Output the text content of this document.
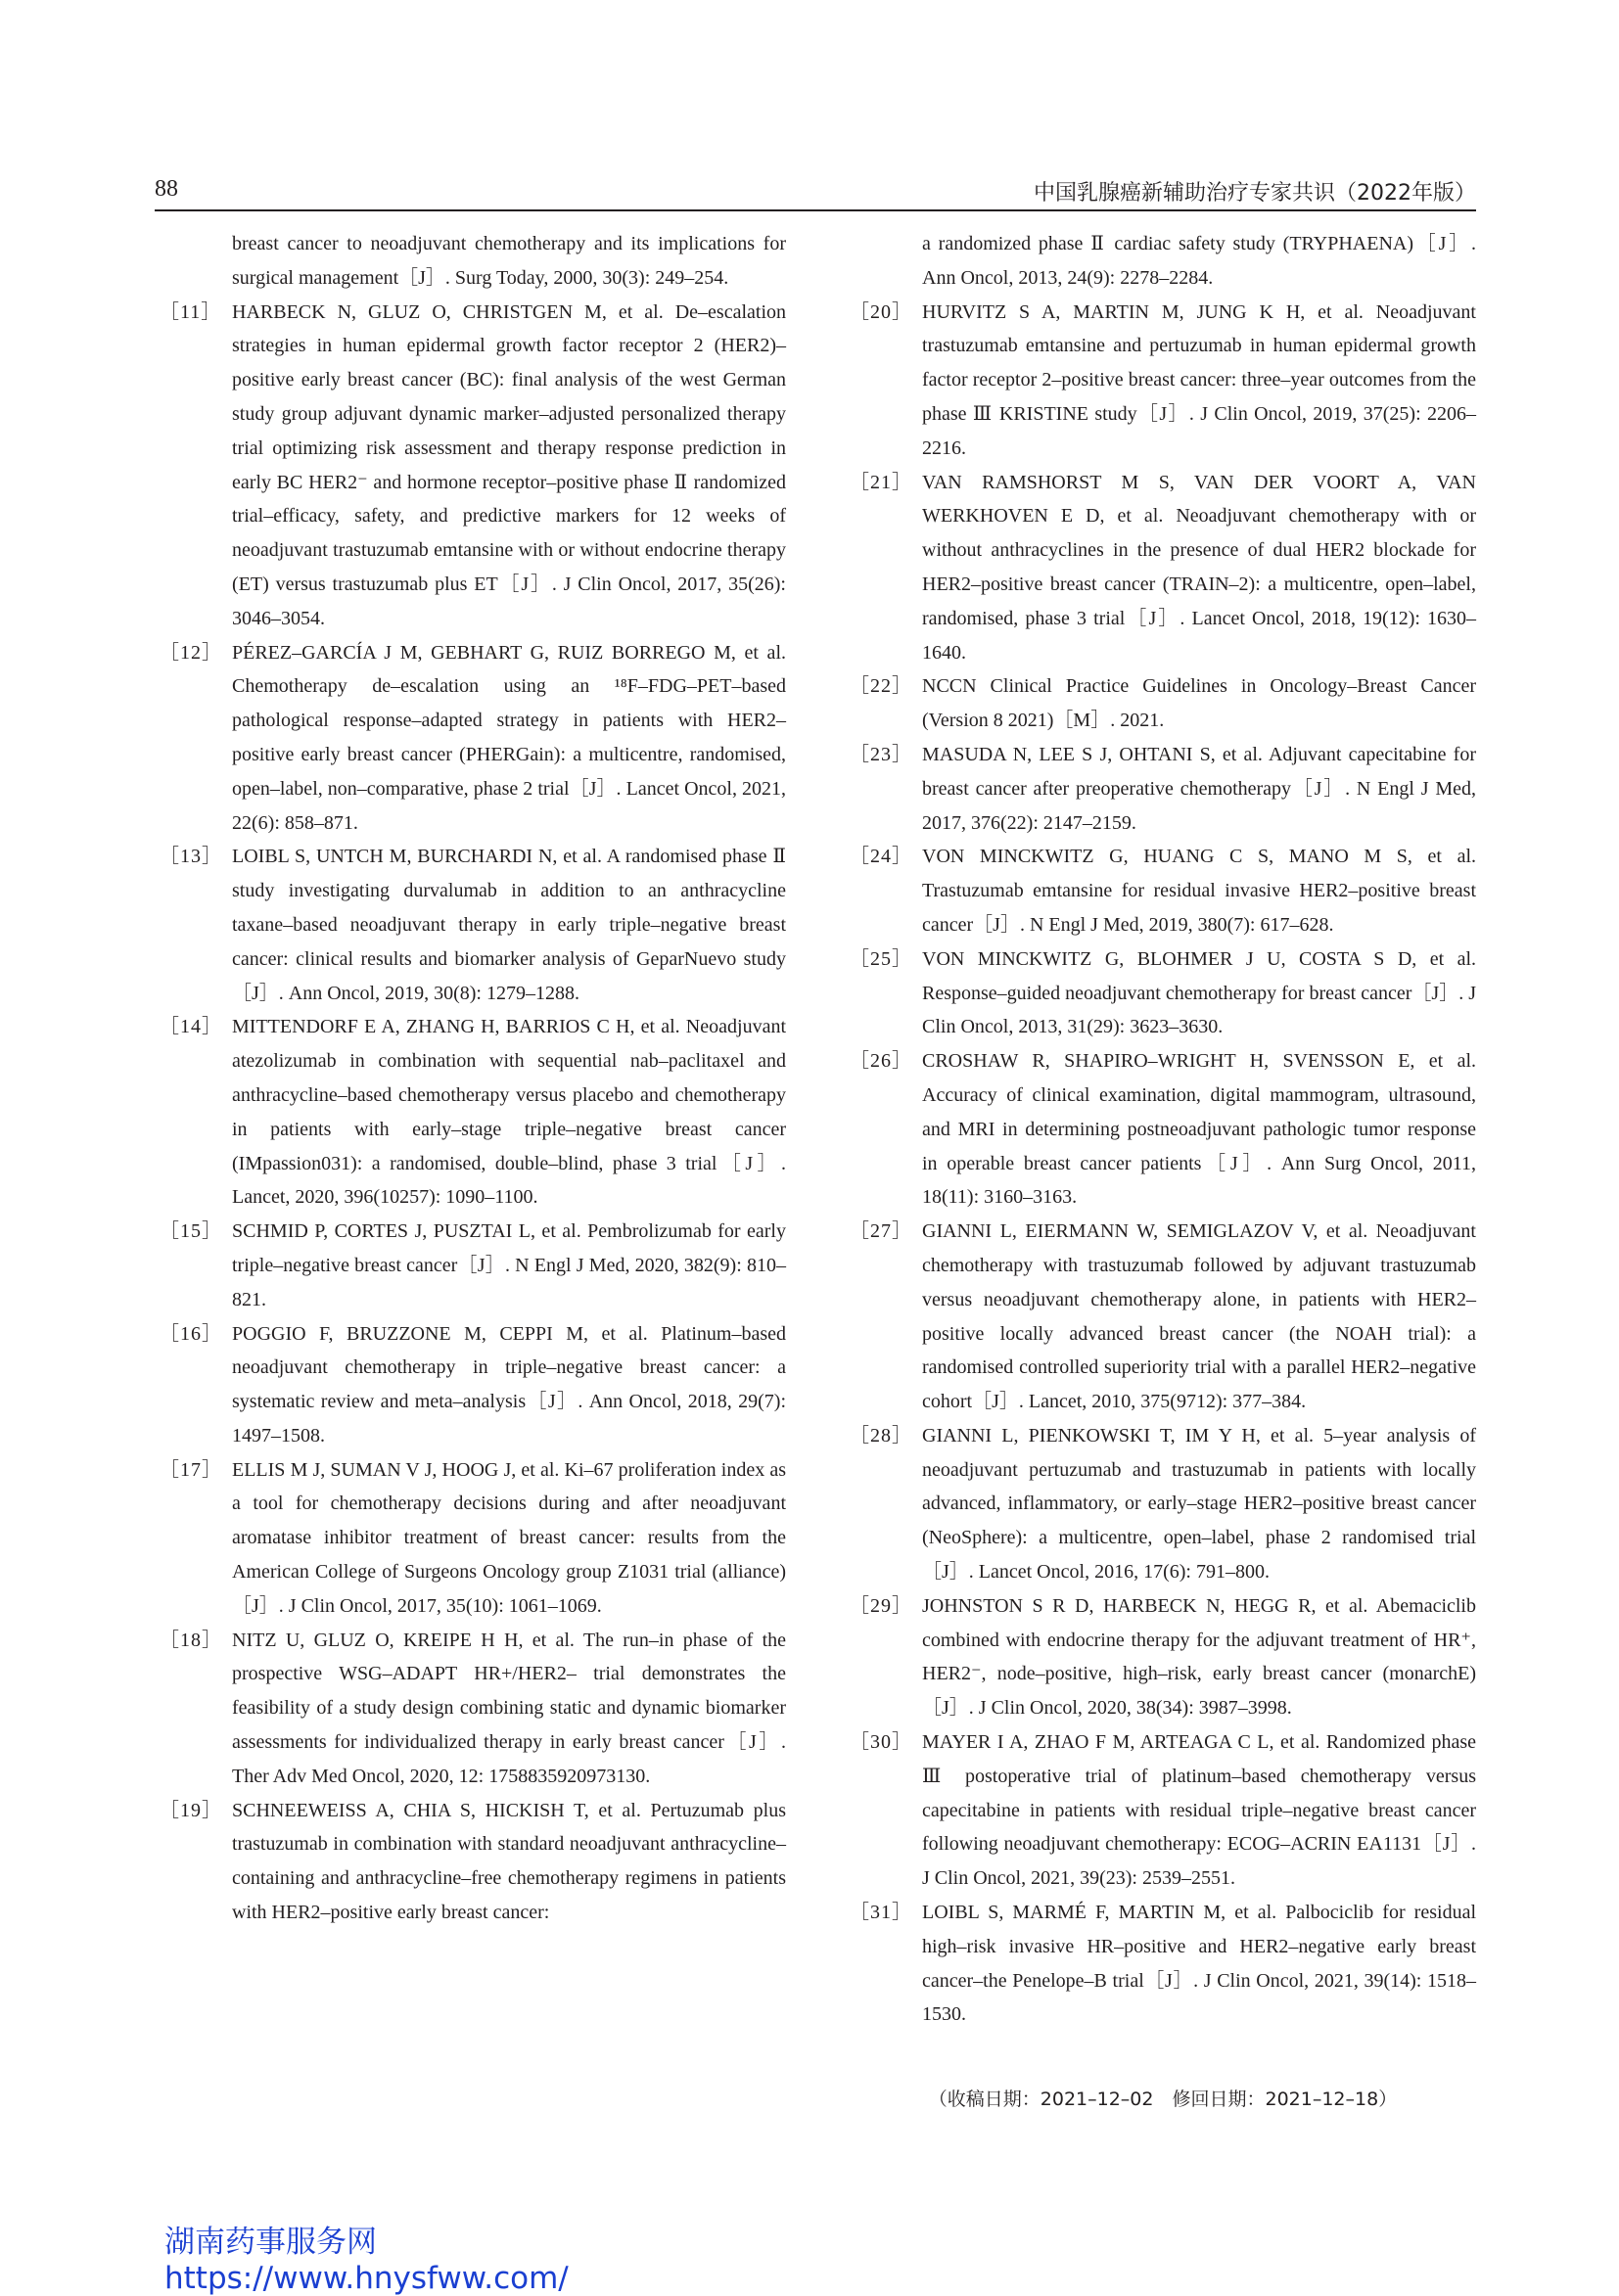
88	中国乳腺癌新辅助治疗专家共识（2022年版）

breast cancer to neoadjuvant chemotherapy and its implications for surgical management［J］. Surg Today, 2000, 30(3): 249–254.

［11］ HARBECK N, GLUZ O, CHRISTGEN M, et al. De–escalation strategies in human epidermal growth factor receptor 2 (HER2)–positive early breast cancer (BC): final analysis of the west German study group adjuvant dynamic marker–adjusted personalized therapy trial optimizing risk assessment and therapy response prediction in early BC HER2⁻ and hormone receptor–positive phase Ⅱ randomized trial–efficacy, safety, and predictive markers for 12 weeks of neoadjuvant trastuzumab emtansine with or without endocrine therapy (ET) versus trastuzumab plus ET［J］. J Clin Oncol, 2017, 35(26): 3046–3054.

［12］ PÉREZ–GARCÍA J M, GEBHART G, RUIZ BORREGO M, et al. Chemotherapy de–escalation using an ¹⁸F–FDG–PET–based pathological response–adapted strategy in patients with HER2–positive early breast cancer (PHERGain): a multicentre, randomised, open–label, non–comparative, phase 2 trial［J］. Lancet Oncol, 2021, 22(6): 858–871.

［13］ LOIBL S, UNTCH M, BURCHARDI N, et al. A randomised phase Ⅱ study investigating durvalumab in addition to an anthracycline taxane–based neoadjuvant therapy in early triple–negative breast cancer: clinical results and biomarker analysis of GeparNuevo study［J］. Ann Oncol, 2019, 30(8): 1279–1288.

［14］ MITTENDORF E A, ZHANG H, BARRIOS C H, et al. Neoadjuvant atezolizumab in combination with sequential nab–paclitaxel and anthracycline–based chemotherapy versus placebo and chemotherapy in patients with early–stage triple–negative breast cancer (IMpassion031): a randomised, double–blind, phase 3 trial［J］. Lancet, 2020, 396(10257): 1090–1100.

［15］ SCHMID P, CORTES J, PUSZTAI L, et al. Pembrolizumab for early triple–negative breast cancer［J］. N Engl J Med, 2020, 382(9): 810–821.

［16］ POGGIO F, BRUZZONE M, CEPPI M, et al. Platinum–based neoadjuvant chemotherapy in triple–negative breast cancer: a systematic review and meta–analysis［J］. Ann Oncol, 2018, 29(7): 1497–1508.

［17］ ELLIS M J, SUMAN V J, HOOG J, et al. Ki–67 proliferation index as a tool for chemotherapy decisions during and after neoadjuvant aromatase inhibitor treatment of breast cancer: results from the American College of Surgeons Oncology group Z1031 trial (alliance)［J］. J Clin Oncol, 2017, 35(10): 1061–1069.

［18］ NITZ U, GLUZ O, KREIPE H H, et al. The run–in phase of the prospective WSG–ADAPT HR+/HER2– trial demonstrates the feasibility of a study design combining static and dynamic biomarker assessments for individualized therapy in early breast cancer［J］. Ther Adv Med Oncol, 2020, 12: 1758835920973130.

［19］ SCHNEEWEISS A, CHIA S, HICKISH T, et al. Pertuzumab plus trastuzumab in combination with standard neoadjuvant anthracycline–containing and anthracycline–free chemotherapy regimens in patients with HER2–positive early breast cancer:

a randomized phase Ⅱ cardiac safety study (TRYPHAENA)［J］. Ann Oncol, 2013, 24(9): 2278–2284.

［20］ HURVITZ S A, MARTIN M, JUNG K H, et al. Neoadjuvant trastuzumab emtansine and pertuzumab in human epidermal growth factor receptor 2–positive breast cancer: three–year outcomes from the phase Ⅲ KRISTINE study［J］. J Clin Oncol, 2019, 37(25): 2206–2216.

［21］ VAN RAMSHORST M S, VAN DER VOORT A, VAN WERKHOVEN E D, et al. Neoadjuvant chemotherapy with or without anthracyclines in the presence of dual HER2 blockade for HER2–positive breast cancer (TRAIN–2): a multicentre, open–label, randomised, phase 3 trial［J］. Lancet Oncol, 2018, 19(12): 1630–1640.

［22］ NCCN Clinical Practice Guidelines in Oncology–Breast Cancer (Version 8 2021)［M］. 2021.

［23］ MASUDA N, LEE S J, OHTANI S, et al. Adjuvant capecitabine for breast cancer after preoperative chemotherapy［J］. N Engl J Med, 2017, 376(22): 2147–2159.

［24］ VON MINCKWITZ G, HUANG C S, MANO M S, et al. Trastuzumab emtansine for residual invasive HER2–positive breast cancer［J］. N Engl J Med, 2019, 380(7): 617–628.

［25］ VON MINCKWITZ G, BLOHMER J U, COSTA S D, et al. Response–guided neoadjuvant chemotherapy for breast cancer［J］. J Clin Oncol, 2013, 31(29): 3623–3630.

［26］ CROSHAW R, SHAPIRO–WRIGHT H, SVENSSON E, et al. Accuracy of clinical examination, digital mammogram, ultrasound, and MRI in determining postneoadjuvant pathologic tumor response in operable breast cancer patients［J］. Ann Surg Oncol, 2011, 18(11): 3160–3163.

［27］ GIANNI L, EIERMANN W, SEMIGLAZOV V, et al. Neoadjuvant chemotherapy with trastuzumab followed by adjuvant trastuzumab versus neoadjuvant chemotherapy alone, in patients with HER2–positive locally advanced breast cancer (the NOAH trial): a randomised controlled superiority trial with a parallel HER2–negative cohort［J］. Lancet, 2010, 375(9712): 377–384.

［28］ GIANNI L, PIENKOWSKI T, IM Y H, et al. 5–year analysis of neoadjuvant pertuzumab and trastuzumab in patients with locally advanced, inflammatory, or early–stage HER2–positive breast cancer (NeoSphere): a multicentre, open–label, phase 2 randomised trial［J］. Lancet Oncol, 2016, 17(6): 791–800.

［29］ JOHNSTON S R D, HARBECK N, HEGG R, et al. Abemaciclib combined with endocrine therapy for the adjuvant treatment of HR⁺, HER2⁻, node–positive, high–risk, early breast cancer (monarchE)［J］. J Clin Oncol, 2020, 38(34): 3987–3998.

［30］ MAYER I A, ZHAO F M, ARTEAGA C L, et al. Randomized phase Ⅲ postoperative trial of platinum–based chemotherapy versus capecitabine in patients with residual triple–negative breast cancer following neoadjuvant chemotherapy: ECOG–ACRIN EA1131［J］. J Clin Oncol, 2021, 39(23): 2539–2551.

［31］ LOIBL S, MARMÉ F, MARTIN M, et al. Palbociclib for residual high–risk invasive HR–positive and HER2–negative early breast cancer–the Penelope–B trial［J］. J Clin Oncol, 2021, 39(14): 1518–1530.

（收稿日期：2021–12–02　修回日期：2021–12–18）
湖南药事服务网
https://www.hnysfww.com/
